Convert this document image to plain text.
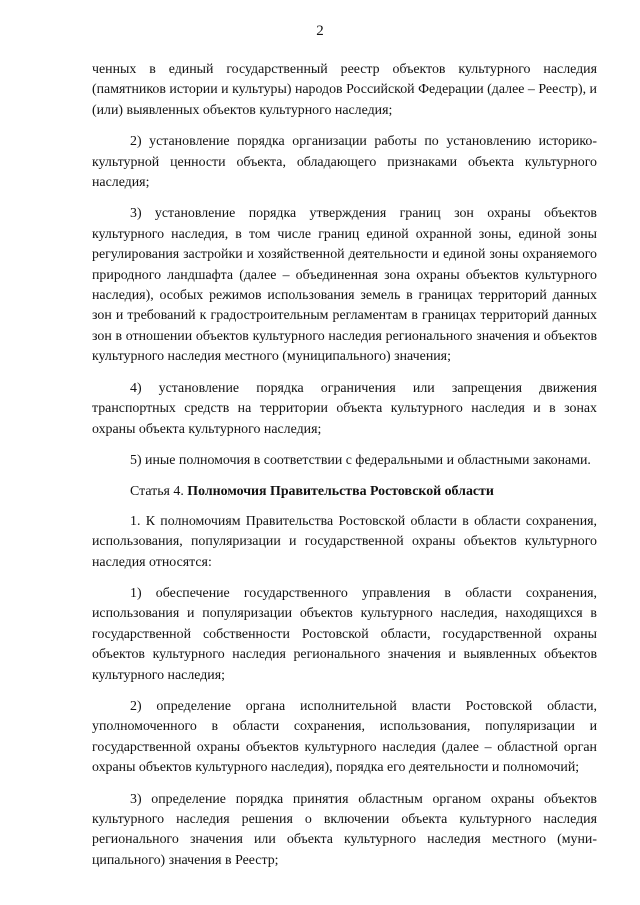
2

ченных в единый государственный реестр объектов культурного наследия (памятников истории и культуры) народов Российской Федерации (далее – Реестр), и (или) выявленных объектов культурного наследия;

2) установление порядка организации работы по установлению историко-культурной ценности объекта, обладающего признаками объекта культурного наследия;

3) установление порядка утверждения границ зон охраны объектов культурного наследия, в том числе границ единой охранной зоны, единой зоны регулирования застройки и хозяйственной деятельности и единой зоны охраняемого природного ландшафта (далее – объединенная зона охраны объектов культурного наследия), особых режимов использования земель в границах территорий данных зон и требований к градостроительным регламентам в границах территорий данных зон в отношении объектов культурного наследия регионального значения и объектов культурного наследия местного (муниципального) значения;

4) установление порядка ограничения или запрещения движения транспортных средств на территории объекта культурного наследия и в зонах охраны объекта культурного наследия;

5) иные полномочия в соответствии с федеральными и областными законами.

Статья 4. Полномочия Правительства Ростовской области

1. К полномочиям Правительства Ростовской области в области сохранения, использования, популяризации и государственной охраны объектов культурного наследия относятся:

1) обеспечение государственного управления в области сохранения, использования и популяризации объектов культурного наследия, находящихся в государственной собственности Ростовской области, государственной охраны объектов культурного наследия регионального значения и выявленных объектов культурного наследия;

2) определение органа исполнительной власти Ростовской области, уполномоченного в области сохранения, использования, популяризации и государственной охраны объектов культурного наследия (далее – областной орган охраны объектов культурного наследия), порядка его деятельности и полномочий;

3) определение порядка принятия областным органом охраны объектов культурного наследия решения о включении объекта культурного наследия регионального значения или объекта культурного наследия местного (муниципального) значения в Реестр;
